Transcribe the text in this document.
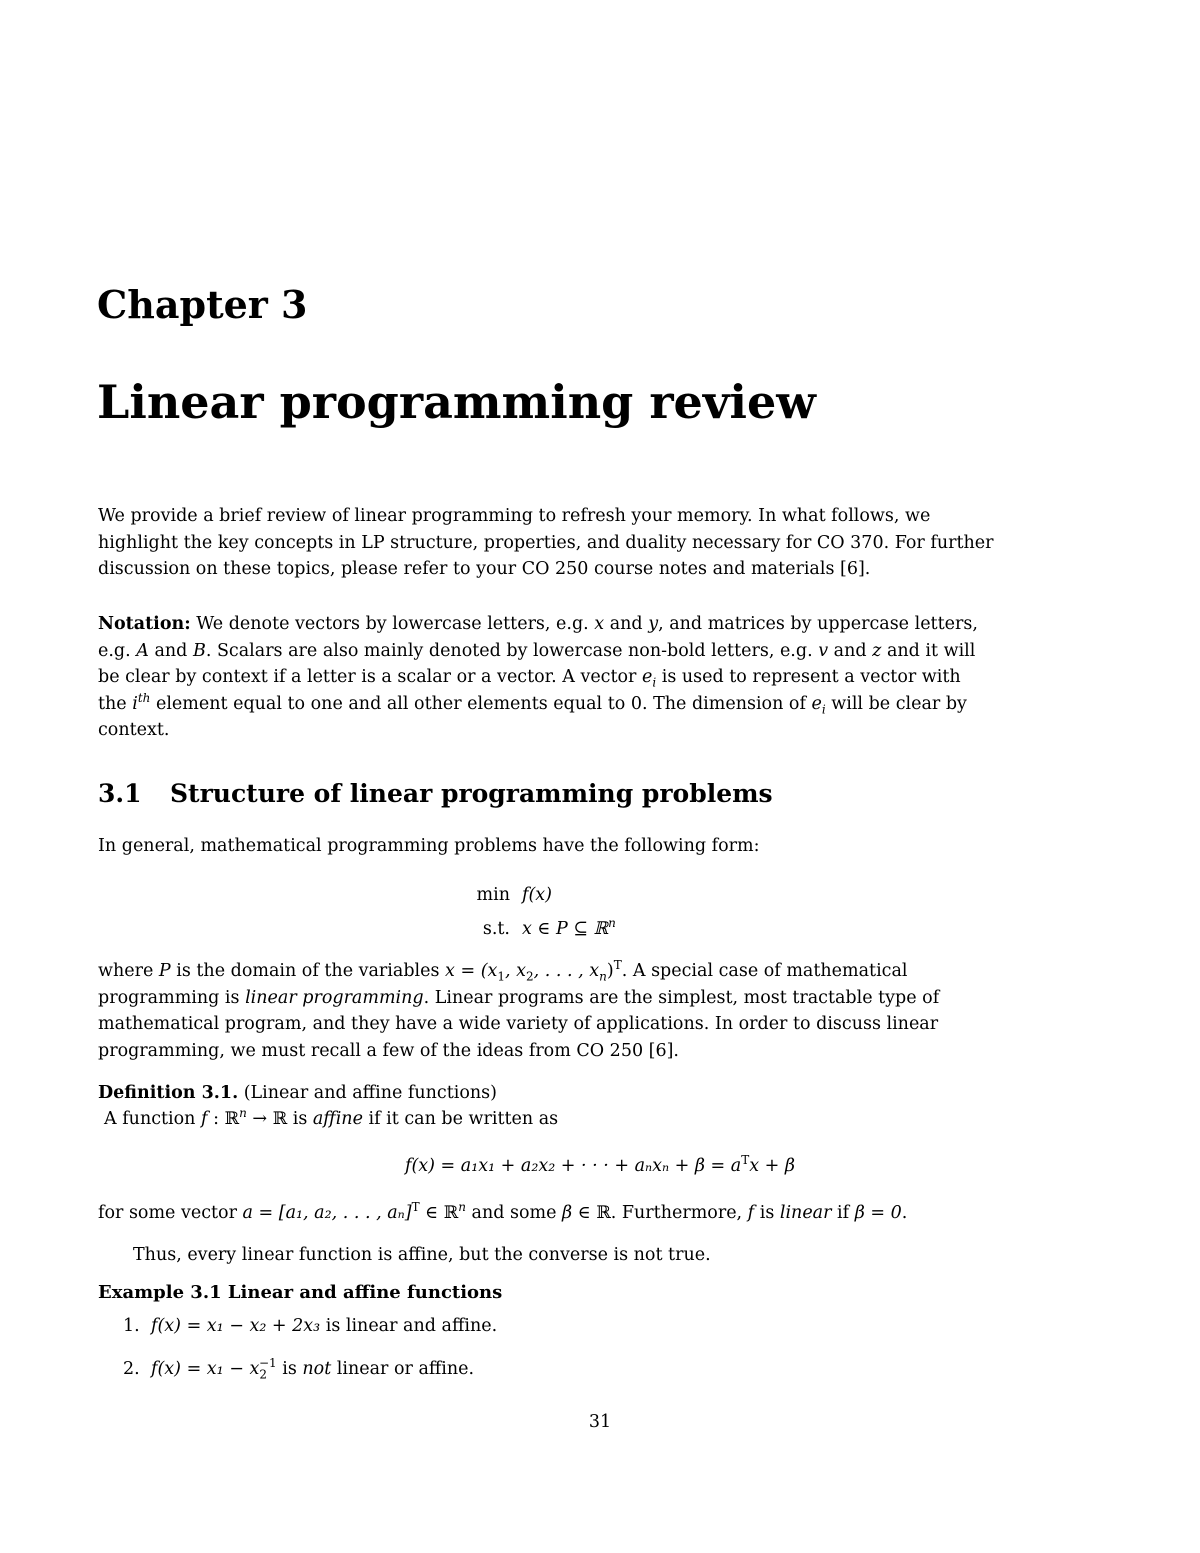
Chapter 3
Linear programming review

We provide a brief review of linear programming to refresh your memory. In what follows, we highlight the key concepts in LP structure, properties, and duality necessary for CO 370. For further discussion on these topics, please refer to your CO 250 course notes and materials [6].

Notation: We denote vectors by lowercase letters, e.g. x and y, and matrices by uppercase letters, e.g. A and B. Scalars are also mainly denoted by lowercase non-bold letters, e.g. v and z and it will be clear by context if a letter is a scalar or a vector. A vector $e_i$ is used to represent a vector with the $i^{th}$ element equal to one and all other elements equal to 0. The dimension of $e_i$ will be clear by context.

3.1 Structure of linear programming problems

In general, mathematical programming problems have the following form:

min f(x)
s.t. x ∈ P ⊆ ℝ$^n$

where P is the domain of the variables $x = (x_1$, $x_2$, . . . , $x_n)^T$. A special case of mathematical programming is linear programming. Linear programs are the simplest, most tractable type of mathematical program, and they have a wide variety of applications. In order to discuss linear programming, we must recall a few of the ideas from CO 250 [6].

Definition 3.1. (Linear and affine functions)
A function f : ℝ$^n$ → ℝ is affine if it can be written as
f(x) = a₁x₁ + a₂x₂ + · · · + $a_nx_n + \beta = a^Tx + \beta$
for some vector a = [a₁, a₂, . . . , aₙ]$^T$ ∈ ℝ$^n$ and some β ∈ ℝ. Furthermore, f is linear if β = 0.
Thus, every linear function is affine, but the converse is not true.
Example 3.1 Linear and affine functions
1. f(x) = x₁ − x₂ + 2x₃ is linear and affine.
2. $f(x) = x_1 - x_2^{-1}$ is not linear or affine.
31
